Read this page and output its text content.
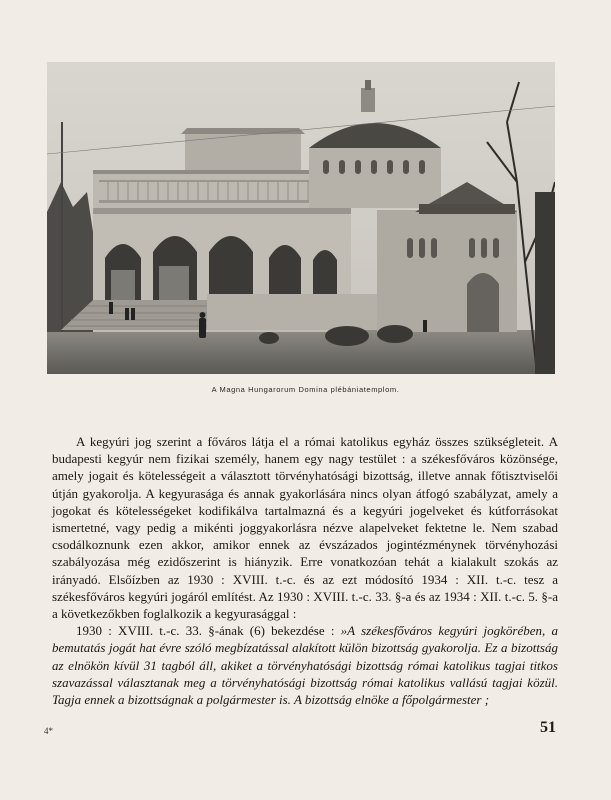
A Magna Hungarorum Domina plébániatemplom.

A kegyúri jog szerint a főváros látja el a római katolikus egyház összes szükségleteit. A budapesti kegyúr nem fizikai személy, hanem egy nagy testület : a székesfőváros közönsége, amely jogait és kötelességeit a választott törvényhatósági bizottság, illetve annak főtisztviselői útján gyakorolja. A kegyurasága és annak gyakorlására nincs olyan átfogó szabályzat, amely a jogokat és kötelességeket kodifikálva tartalmazná és a kegyúri jogelveket és kútforrásokat ismertetné, vagy pedig a mikénti joggyakorlásra nézve alapelveket fektetne le. Nem szabad csodálkoznunk ezen akkor, amikor ennek az évszázados jogintézménynek törvényhozási szabályozása még ezidőszerint is hiányzik. Erre vonatkozóan tehát a kialakult szokás az irányadó. Elsőízben az 1930 : XVIII. t.-c. és az ezt módosító 1934 : XII. t.-c. tesz a székesfőváros kegyúri jogáról említést. Az 1930 : XVIII. t.-c. 33. §-a és az 1934 : XII. t.-c. 5. §-a a következőkben foglalkozik a kegyurasággal :

1930 : XVIII. t.-c. 33. §-ának (6) bekezdése : »A székesfőváros kegyúri jogkörében, a bemutatás jogát hat évre szóló megbízatással alakított külön bizottság gyakorolja. Ez a bizottság az elnökön kívül 31 tagból áll, akiket a törvényhatósági bizottság római katolikus tagjai titkos szavazással választanak meg a törvényhatósági bizottság római katolikus vallású tagjai közül. Tagja ennek a bizottságnak a polgármester is. A bizottság elnöke a főpolgármester ;

4*	51
